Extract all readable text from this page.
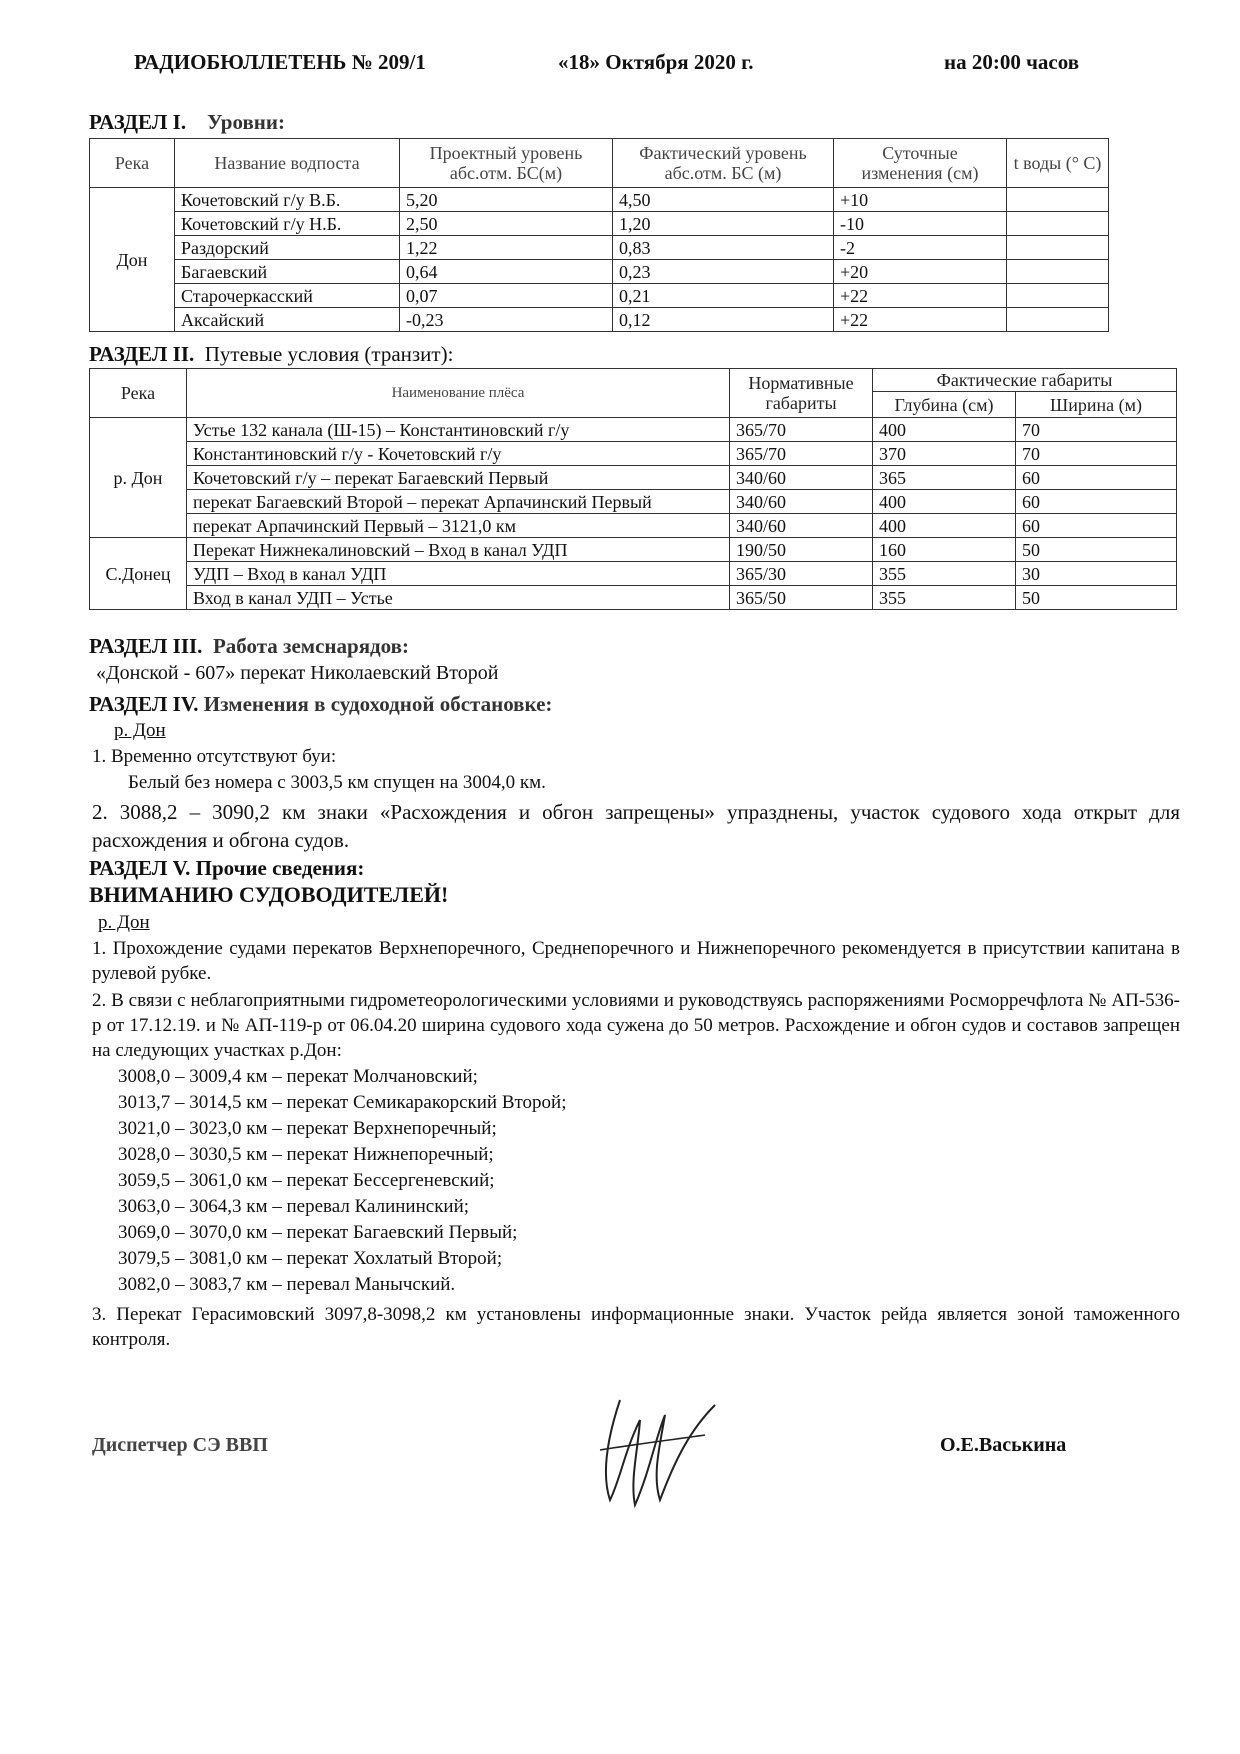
РАДИОБЮЛЛЕТЕНЬ № 209/1	«18» Октября 2020 г.	на 20:00 часов
РАЗДЕЛ I. Уровни:
Река	Название водпоста	Проектный уровень абс.отм. БС(м)	Фактический уровень абс.отм. БС (м)	Суточные изменения (см)	t воды (° С)
Дон	Кочетовский г/у В.Б.	5,20	4,50	+10	
	Кочетовский г/у Н.Б.	2,50	1,20	-10	
	Раздорский	1,22	0,83	-2	
	Багаевский	0,64	0,23	+20	
	Старочеркасский	0,07	0,21	+22	
	Аксайский	-0,23	0,12	+22	
РАЗДЕЛ II. Путевые условия (транзит):
Река	Наименование плёса	Нормативные габариты	Фактические габариты	
			Глубина (см)	Ширина (м)
р. Дон	Устье 132 канала (Ш-15) – Константиновский г/у	365/70	400	70
	Константиновский г/у - Кочетовский г/у	365/70	370	70
	Кочетовский г/у – перекат Багаевский Первый	340/60	365	60
	перекат Багаевский Второй – перекат Арпачинский Первый	340/60	400	60
	перекат Арпачинский Первый – 3121,0 км	340/60	400	60
С.Донец	Перекат Нижнекалиновский – Вход в канал УДП	190/50	160	50
	УДП – Вход в канал УДП	365/30	355	30
	Вход в канал УДП – Устье	365/50	355	50
РАЗДЕЛ III. Работа земснарядов:
«Донской - 607» перекат Николаевский Второй
РАЗДЕЛ IV. Изменения в судоходной обстановке:
р. Дон
1. Временно отсутствуют буи:
Белый без номера с 3003,5 км спущен на 3004,0 км.
2. 3088,2 – 3090,2 км знаки «Расхождения и обгон запрещены» упразднены, участок судового хода открыт для расхождения и обгона судов.
РАЗДЕЛ V. Прочие сведения:
ВНИМАНИЮ СУДОВОДИТЕЛЕЙ!
р. Дон
1. Прохождение судами перекатов Верхнепоречного, Среднепоречного и Нижнепоречного рекомендуется в присутствии капитана в рулевой рубке.
2. В связи с неблагоприятными гидрометеорологическими условиями и руководствуясь распоряжениями Росморречфлота № АП-536-р от 17.12.19. и № АП-119-р от 06.04.20 ширина судового хода сужена до 50 метров. Расхождение и обгон судов и составов запрещен на следующих участках р.Дон:
3008,0 – 3009,4 км – перекат Молчановский;
3013,7 – 3014,5 км – перекат Семикаракорский Второй;
3021,0 – 3023,0 км – перекат Верхнепоречный;
3028,0 – 3030,5 км – перекат Нижнепоречный;
3059,5 – 3061,0 км – перекат Бессергеневский;
3063,0 – 3064,3 км – перевал Калининский;
3069,0 – 3070,0 км – перекат Багаевский Первый;
3079,5 – 3081,0 км – перекат Хохлатый Второй;
3082,0 – 3083,7 км – перевал Манычский.
3. Перекат Герасимовский 3097,8-3098,2 км установлены информационные знаки. Участок рейда является зоной таможенного контроля.
Диспетчер СЭ ВВП	О.Е.Васькина
